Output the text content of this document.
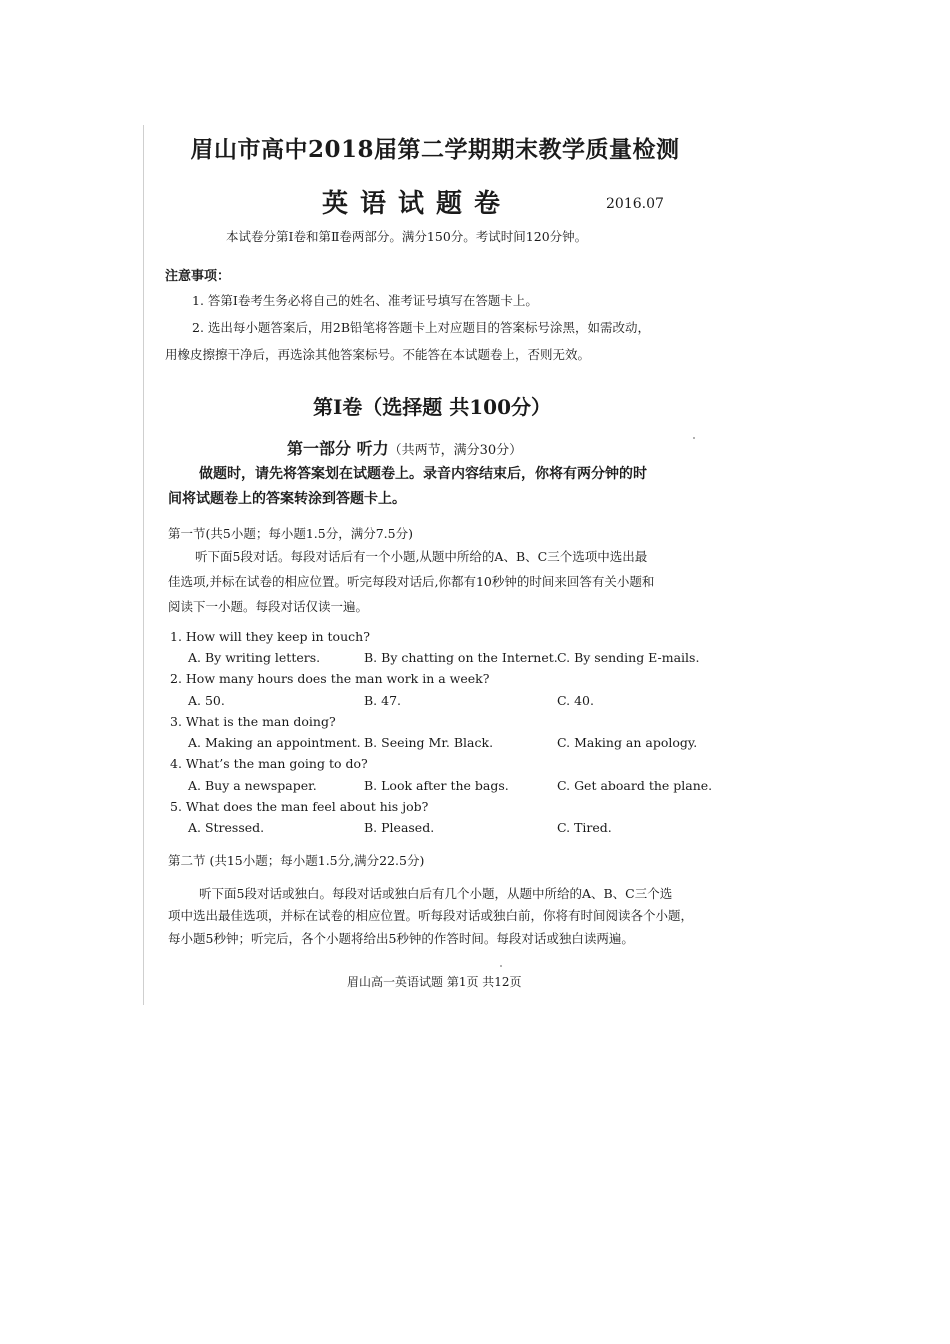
眉山市高中2018届第二学期期末教学质量检测
英语试题卷	2016.07
本试卷分第Ⅰ卷和第Ⅱ卷两部分。满分150分。考试时间120分钟。
注意事项：
1. 答第Ⅰ卷考生务必将自己的姓名、准考证号填写在答题卡上。
2. 选出每小题答案后，用2B铅笔将答题卡上对应题目的答案标号涂黑，如需改动，
用橡皮擦擦干净后，再选涂其他答案标号。不能答在本试题卷上，否则无效。
第Ⅰ卷（选择题 共100分）
第一部分 听力（共两节，满分30分）
做题时，请先将答案划在试题卷上。录音内容结束后，你将有两分钟的时
间将试题卷上的答案转涂到答题卡上。
第一节(共5小题；每小题1.5分，满分7.5分)
听下面5段对话。每段对话后有一个小题,从题中所给的A、B、C三个选项中选出最
佳选项,并标在试卷的相应位置。听完每段对话后,你都有10秒钟的时间来回答有关小题和
阅读下一小题。每段对话仅读一遍。
1. How will they keep in touch?
A. By writing letters.	B. By chatting on the Internet. C. By sending E-mails.
2. How many hours does the man work in a week?
A. 50.	B. 47.	C. 40.
3. What is the man doing?
A. Making an appointment. B. Seeing Mr. Black.	C. Making an apology.
4. What’s the man going to do?
A. Buy a newspaper.	B. Look after the bags.	C. Get aboard the plane.
5. What does the man feel about his job?
A. Stressed.	B. Pleased.	C. Tired.
第二节 (共15小题；每小题1.5分,满分22.5分)
听下面5段对话或独白。每段对话或独白后有几个小题，从题中所给的A、B、C三个选
项中选出最佳选项，并标在试卷的相应位置。听每段对话或独白前，你将有时间阅读各个小题，
每小题5秒钟；听完后，各个小题将给出5秒钟的作答时间。每段对话或独白读两遍。
眉山高一英语试题 第1页 共12页
